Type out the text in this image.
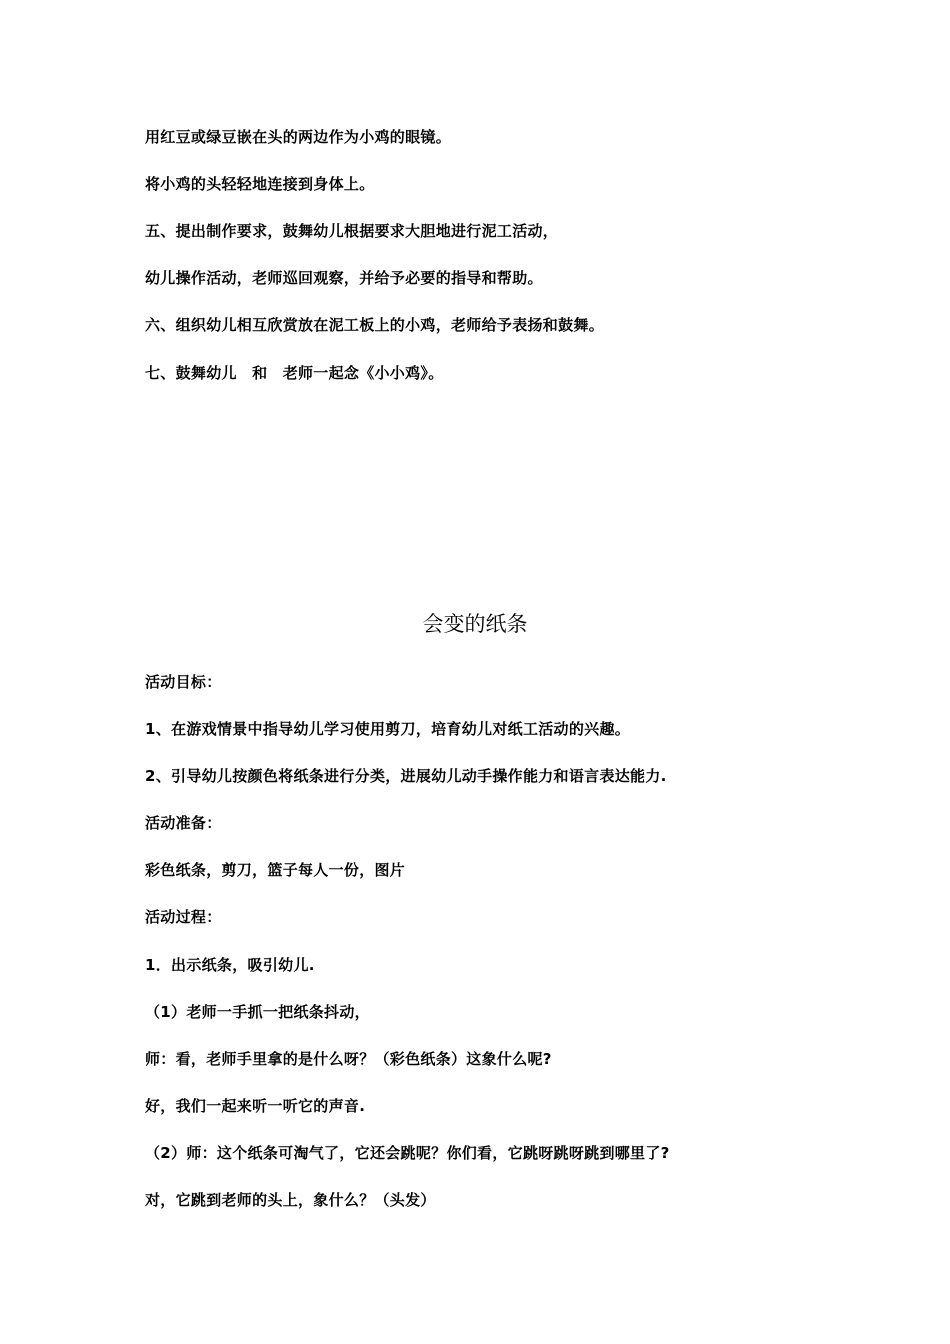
用红豆或绿豆嵌在头的两边作为小鸡的眼镜。
将小鸡的头轻轻地连接到身体上。
五、提出制作要求，鼓舞幼儿根据要求大胆地进行泥工活动，
幼儿操作活动，老师巡回观察，并给予必要的指导和帮助。
六、组织幼儿相互欣赏放在泥工板上的小鸡，老师给予表扬和鼓舞。
七、鼓舞幼儿　和　老师一起念《小小鸡》。
会变的纸条
活动目标：
1、在游戏情景中指导幼儿学习使用剪刀，培育幼儿对纸工活动的兴趣。
2、引导幼儿按颜色将纸条进行分类，进展幼儿动手操作能力和语言表达能力.
活动准备：
彩色纸条，剪刀，篮子每人一份，图片
活动过程：
1．出示纸条，吸引幼儿.
（1）老师一手抓一把纸条抖动，
师：看，老师手里拿的是什么呀？（彩色纸条）这象什么呢?
好，我们一起来听一听它的声音.
（2）师：这个纸条可淘气了，它还会跳呢？你们看，它跳呀跳呀跳到哪里了?
对，它跳到老师的头上，象什么？（头发）
